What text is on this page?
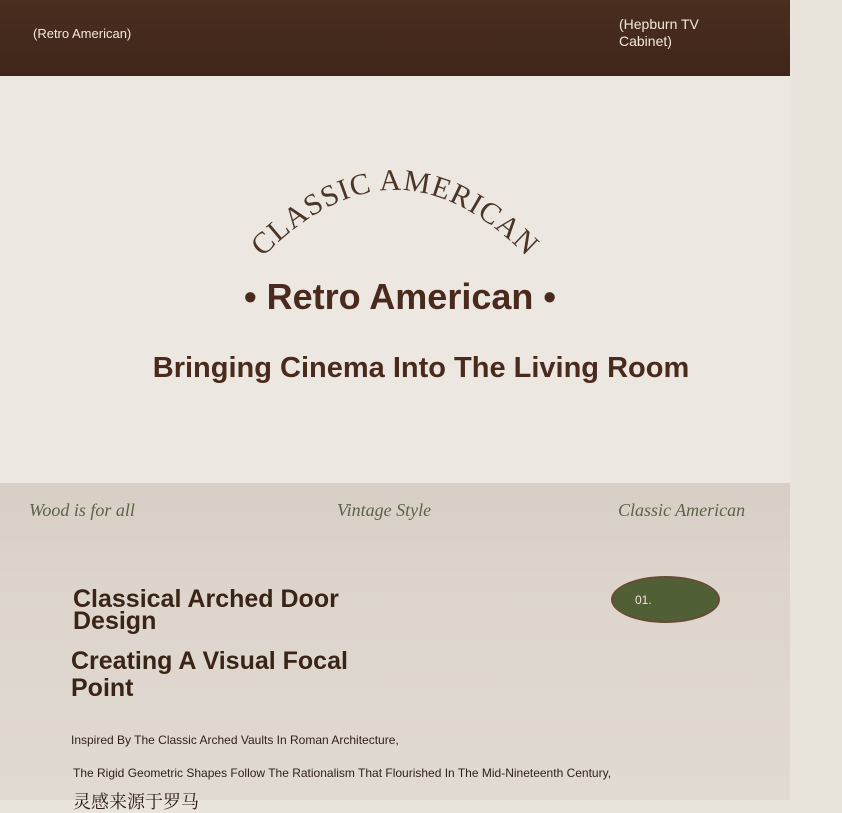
(Retro American)
(Hepburn TV Cabinet)
CLASSIC AMERICAN
• Retro American •
Bringing Cinema Into The Living Room
Wood is for all	Vintage Style	Classic American
Classical Arched Door Design
Creating A Visual Focal Point
01.
Inspired By The Classic Arched Vaults In Roman Architecture,
The Rigid Geometric Shapes Follow The Rationalism That Flourished In The Mid-Nineteenth Century,
灵感来源于罗马
